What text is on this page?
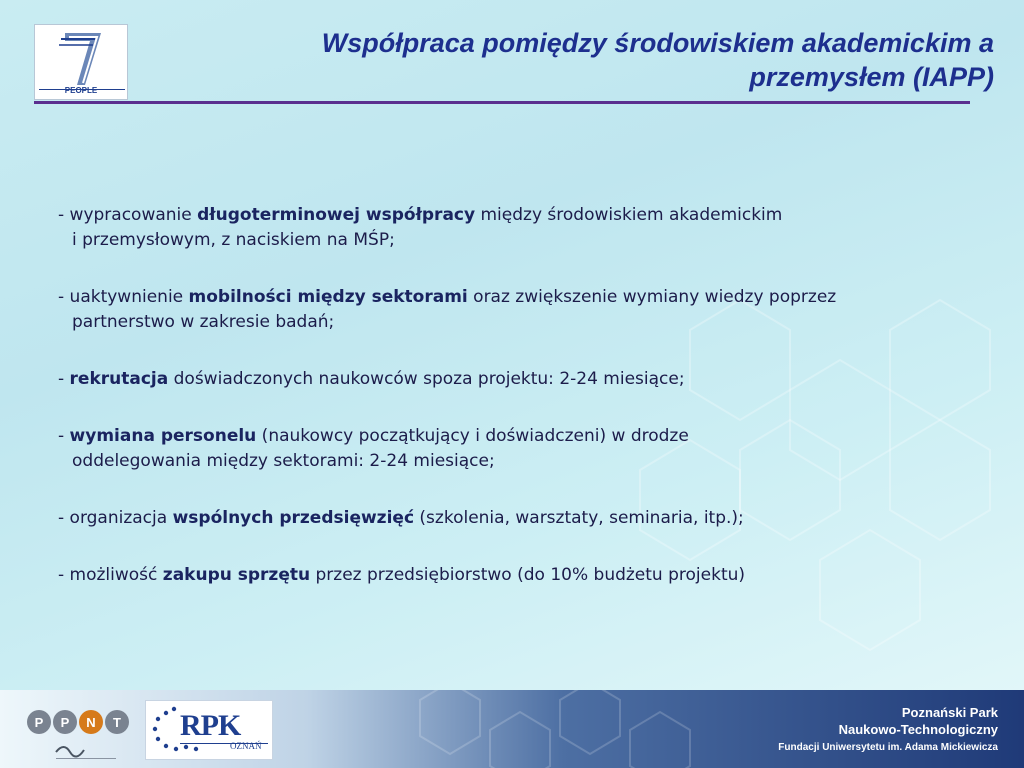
PEOPLE
Współpraca pomiędzy środowiskiem akademickim a przemysłem (IAPP)
- wypracowanie długoterminowej współpracy między środowiskiem akademickim
i przemysłowym, z naciskiem na MŚP;
- uaktywnienie mobilności między sektorami oraz zwiększenie wymiany wiedzy poprzez
partnerstwo w zakresie badań;
- rekrutacja doświadczonych naukowców spoza projektu: 2-24 miesiące;
- wymiana personelu (naukowcy początkujący i doświadczeni) w drodze
oddelegowania między sektorami: 2-24 miesiące;
- organizacja wspólnych przedsięwzięć (szkolenia, warsztaty, seminaria, itp.);
- możliwość zakupu sprzętu przez przedsiębiorstwo (do 10% budżetu projektu)
P P N T RPK
OZNAŃ
Poznański Park
Naukowo-Technologiczny
Fundacji Uniwersytetu im. Adama Mickiewicza
